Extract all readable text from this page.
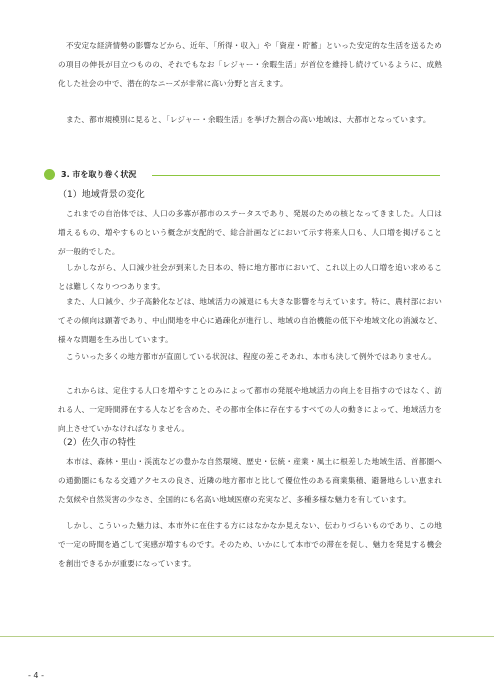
不安定な経済情勢の影響などから、近年、「所得・収入」や「資産・貯蓄」といった安定的な生活を送るための項目の伸長が目立つものの、それでもなお「レジャー・余暇生活」が首位を維持し続けているように、成熟化した社会の中で、潜在的なニーズが非常に高い分野と言えます。

また、都市規模別に見ると、「レジャー・余暇生活」を挙げた割合の高い地域は、大都市となっています。

3. 市を取り巻く状況
（1）地域背景の変化

これまでの自治体では、人口の多寡が都市のステータスであり、発展のための核となってきました。人口は増えるもの、増やすものという概念が支配的で、総合計画などにおいて示す将来人口も、人口増を掲げることが一般的でした。

しかしながら、人口減少社会が到来した日本の、特に地方都市において、これ以上の人口増を追い求めることは難しくなりつつあります。

また、人口減少、少子高齢化などは、地域活力の減退にも大きな影響を与えています。特に、農村部においてその傾向は顕著であり、中山間地を中心に過疎化が進行し、地域の自治機能の低下や地域文化の消滅など、様々な問題を生み出しています。

こういった多くの地方都市が直面している状況は、程度の差こそあれ、本市も決して例外ではありません。

これからは、定住する人口を増やすことのみによって都市の発展や地域活力の向上を目指すのではなく、訪れる人、一定時間滞在する人などを含めた、その都市全体に存在するすべての人の動きによって、地域活力を向上させていかなければなりません。

（2）佐久市の特性

本市は、森林・里山・渓流などの豊かな自然環境、歴史・伝統・産業・風土に根差した地域生活、首都圏への通勤圏にもなる交通アクセスの良さ、近隣の地方都市と比して優位性のある商業集積、避暑地らしい恵まれた気候や自然災害の少なさ、全国的にも名高い地域医療の充実など、多種多様な魅力を有しています。

しかし、こういった魅力は、本市外に在住する方にはなかなか見えない、伝わりづらいものであり、この地で一定の時間を過ごして実感が増すものです。そのため、いかにして本市での滞在を促し、魅力を発見する機会を創出できるかが重要になっています。

- 4 -
